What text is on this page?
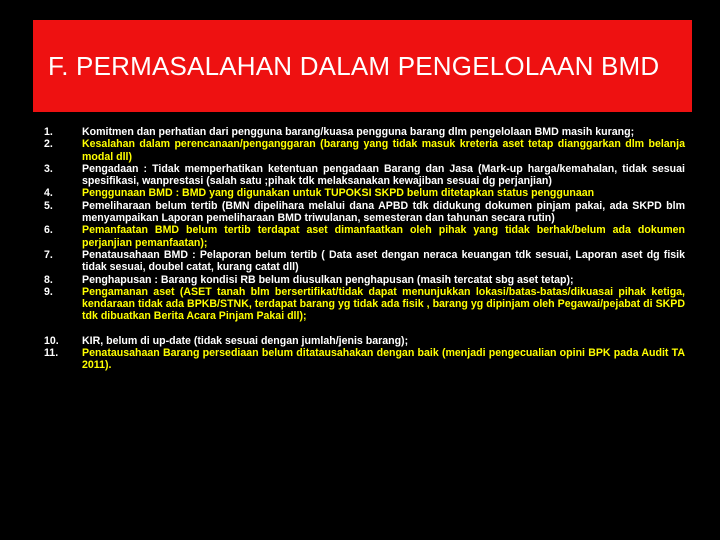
F. PERMASALAHAN DALAM PENGELOLAAN BMD
1.	Komitmen dan perhatian dari pengguna barang/kuasa pengguna barang dlm pengelolaan BMD masih kurang;
2.	Kesalahan dalam perencanaan/penganggaran (barang yang tidak masuk kreteria aset tetap dianggarkan dlm belanja modal dll)
3.	Pengadaan : Tidak memperhatikan ketentuan pengadaan Barang dan Jasa (Mark-up harga/kemahalan, tidak sesuai spesifikasi, wanprestasi (salah satu ;pihak tdk melaksanakan kewajiban sesuai dg perjanjian)
4.	Penggunaan BMD : BMD yang digunakan untuk TUPOKSI SKPD belum ditetapkan status penggunaan
5.	Pemeliharaan belum tertib (BMN dipelihara melalui dana APBD tdk didukung dokumen pinjam pakai, ada SKPD blm menyampaikan Laporan pemeliharaan BMD triwulanan, semesteran dan tahunan secara rutin)
6.	Pemanfaatan BMD belum tertib terdapat aset dimanfaatkan oleh pihak yang tidak berhak/belum ada dokumen perjanjian pemanfaatan);
7.	Penatausahaan BMD : Pelaporan belum tertib ( Data aset dengan neraca keuangan tdk sesuai, Laporan aset dg fisik tidak sesuai, doubel catat, kurang catat dll)
8.	Penghapusan : Barang kondisi RB belum diusulkan penghapusan (masih tercatat sbg aset tetap);
9.	Pengamanan aset (ASET tanah blm bersertifikat/tidak dapat menunjukkan lokasi/batas-batas/dikuasai pihak ketiga, kendaraan tidak ada BPKB/STNK, terdapat barang yg tidak ada fisik , barang yg dipinjam oleh Pegawai/pejabat di SKPD tdk dibuatkan Berita Acara Pinjam Pakai dll);
10.	KIR, belum di up-date (tidak sesuai dengan jumlah/jenis barang);
11.	Penatausahaan Barang persediaan belum ditatausahakan dengan baik (menjadi pengecualian opini BPK pada Audit TA 2011).
